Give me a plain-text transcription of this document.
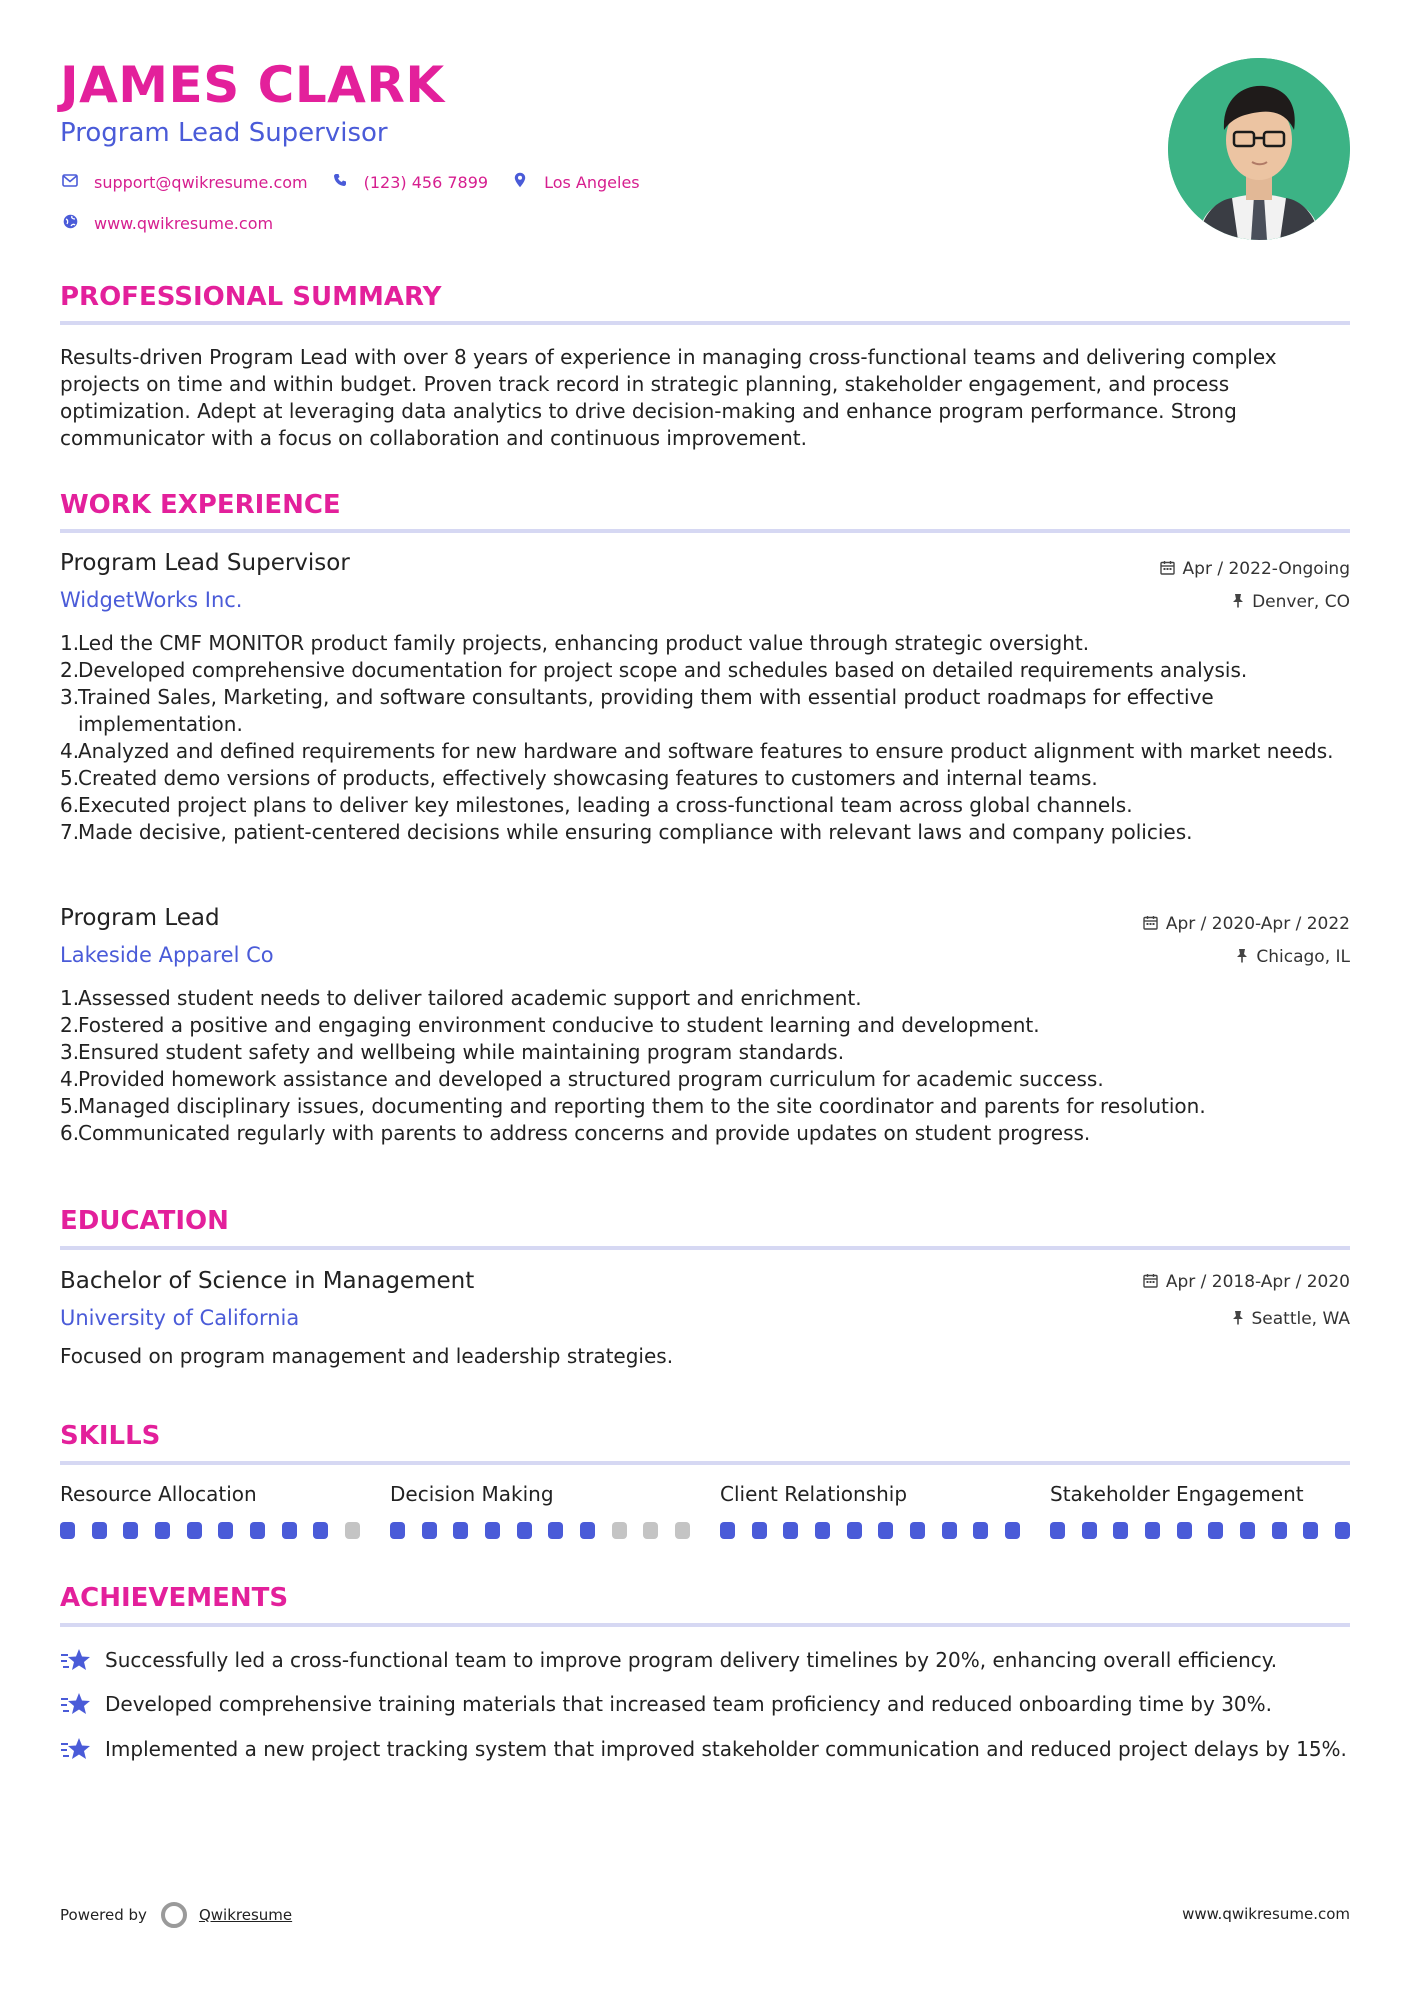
JAMES CLARK
Program Lead Supervisor
support@qwikresume.com	(123) 456 7899	Los Angeles
www.qwikresume.com
PROFESSIONAL SUMMARY
Results-driven Program Lead with over 8 years of experience in managing cross-functional teams and delivering complex projects on time and within budget. Proven track record in strategic planning, stakeholder engagement, and process optimization. Adept at leveraging data analytics to drive decision-making and enhance program performance. Strong communicator with a focus on collaboration and continuous improvement.
WORK EXPERIENCE
Program Lead Supervisor	Apr / 2022-Ongoing
WidgetWorks Inc.	Denver, CO
1.
Led the CMF MONITOR product family projects, enhancing product value through strategic oversight.
2.
Developed comprehensive documentation for project scope and schedules based on detailed requirements analysis.
3.
Trained Sales, Marketing, and software consultants, providing them with essential product roadmaps for effective implementation.
4.
Analyzed and defined requirements for new hardware and software features to ensure product alignment with market needs.
5.
Created demo versions of products, effectively showcasing features to customers and internal teams.
6.
Executed project plans to deliver key milestones, leading a cross-functional team across global channels.
7.
Made decisive, patient-centered decisions while ensuring compliance with relevant laws and company policies.
Program Lead	Apr / 2020-Apr / 2022
Lakeside Apparel Co	Chicago, IL
1.
Assessed student needs to deliver tailored academic support and enrichment.
2.
Fostered a positive and engaging environment conducive to student learning and development.
3.
Ensured student safety and wellbeing while maintaining program standards.
4.
Provided homework assistance and developed a structured program curriculum for academic success.
5.
Managed disciplinary issues, documenting and reporting them to the site coordinator and parents for resolution.
6.
Communicated regularly with parents to address concerns and provide updates on student progress.
EDUCATION
Bachelor of Science in Management	Apr / 2018-Apr / 2020
University of California	Seattle, WA
Focused on program management and leadership strategies.
SKILLS
Resource Allocation	Decision Making	Client Relationship	Stakeholder Engagement
ACHIEVEMENTS
Successfully led a cross-functional team to improve program delivery timelines by 20%, enhancing overall efficiency.
Developed comprehensive training materials that increased team proficiency and reduced onboarding time by 30%.
Implemented a new project tracking system that improved stakeholder communication and reduced project delays by 15%.
Powered by	Qwikresume	www.qwikresume.com
